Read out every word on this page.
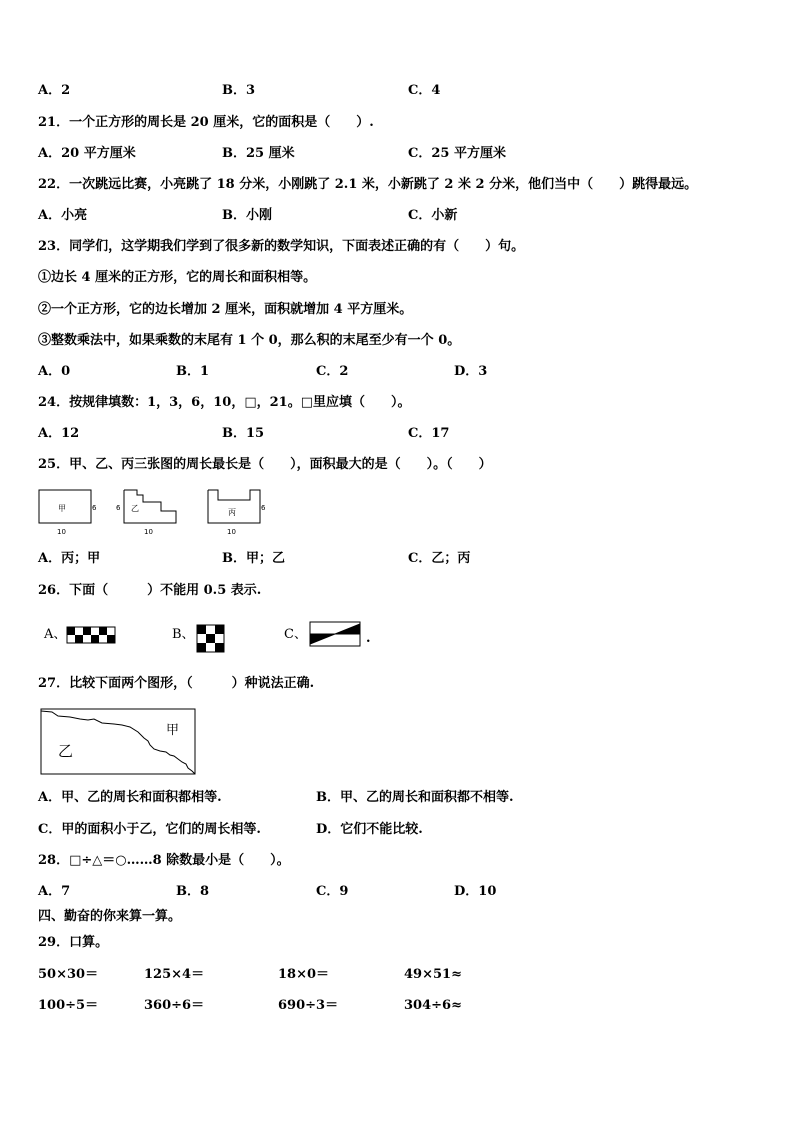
A．2	B．3	C．4
21．一个正方形的周长是 20 厘米，它的面积是（　　）.
A．20 平方厘米	B．25 厘米	C．25 平方厘米
22．一次跳远比赛，小亮跳了 18 分米，小刚跳了 2.1 米，小新跳了 2 米 2 分米，他们当中（　　）跳得最远。
A．小亮	B．小刚	C．小新
23．同学们，这学期我们学到了很多新的数学知识，下面表述正确的有（　　）句。
①边长 4 厘米的正方形，它的周长和面积相等。
②一个正方形，它的边长增加 2 厘米，面积就增加 4 平方厘米。
③整数乘法中，如果乘数的末尾有 1 个 0，那么积的末尾至少有一个 0。
A．0	B．1	C．2	D．3
24．按规律填数：1，3，6，10，□，21。□里应填（　　）。
A．12	B．15	C．17
25．甲、乙、丙三张图的周长最长是（　　），面积最大的是（　　）。（　　）
甲	6
10
乙
6
10
丙	6
10
A．丙；甲	B．甲；乙	C．乙；丙
26．下面（　　　）不能用 0.5 表示.
A、	B、	C、	.
27．比较下面两个图形，（　　　）种说法正确.
甲
乙
A．甲、乙的周长和面积都相等.	B．甲、乙的周长和面积都不相等.
C．甲的面积小于乙，它们的周长相等.	D．它们不能比较.
28．□÷△＝○……8 除数最小是（　　）。
A．7	B．8	C．9	D．10
四、勤奋的你来算一算。
29．口算。
50×30＝	125×4＝	18×0＝	49×51≈
100÷5＝	360÷6＝	690÷3＝	304÷6≈
